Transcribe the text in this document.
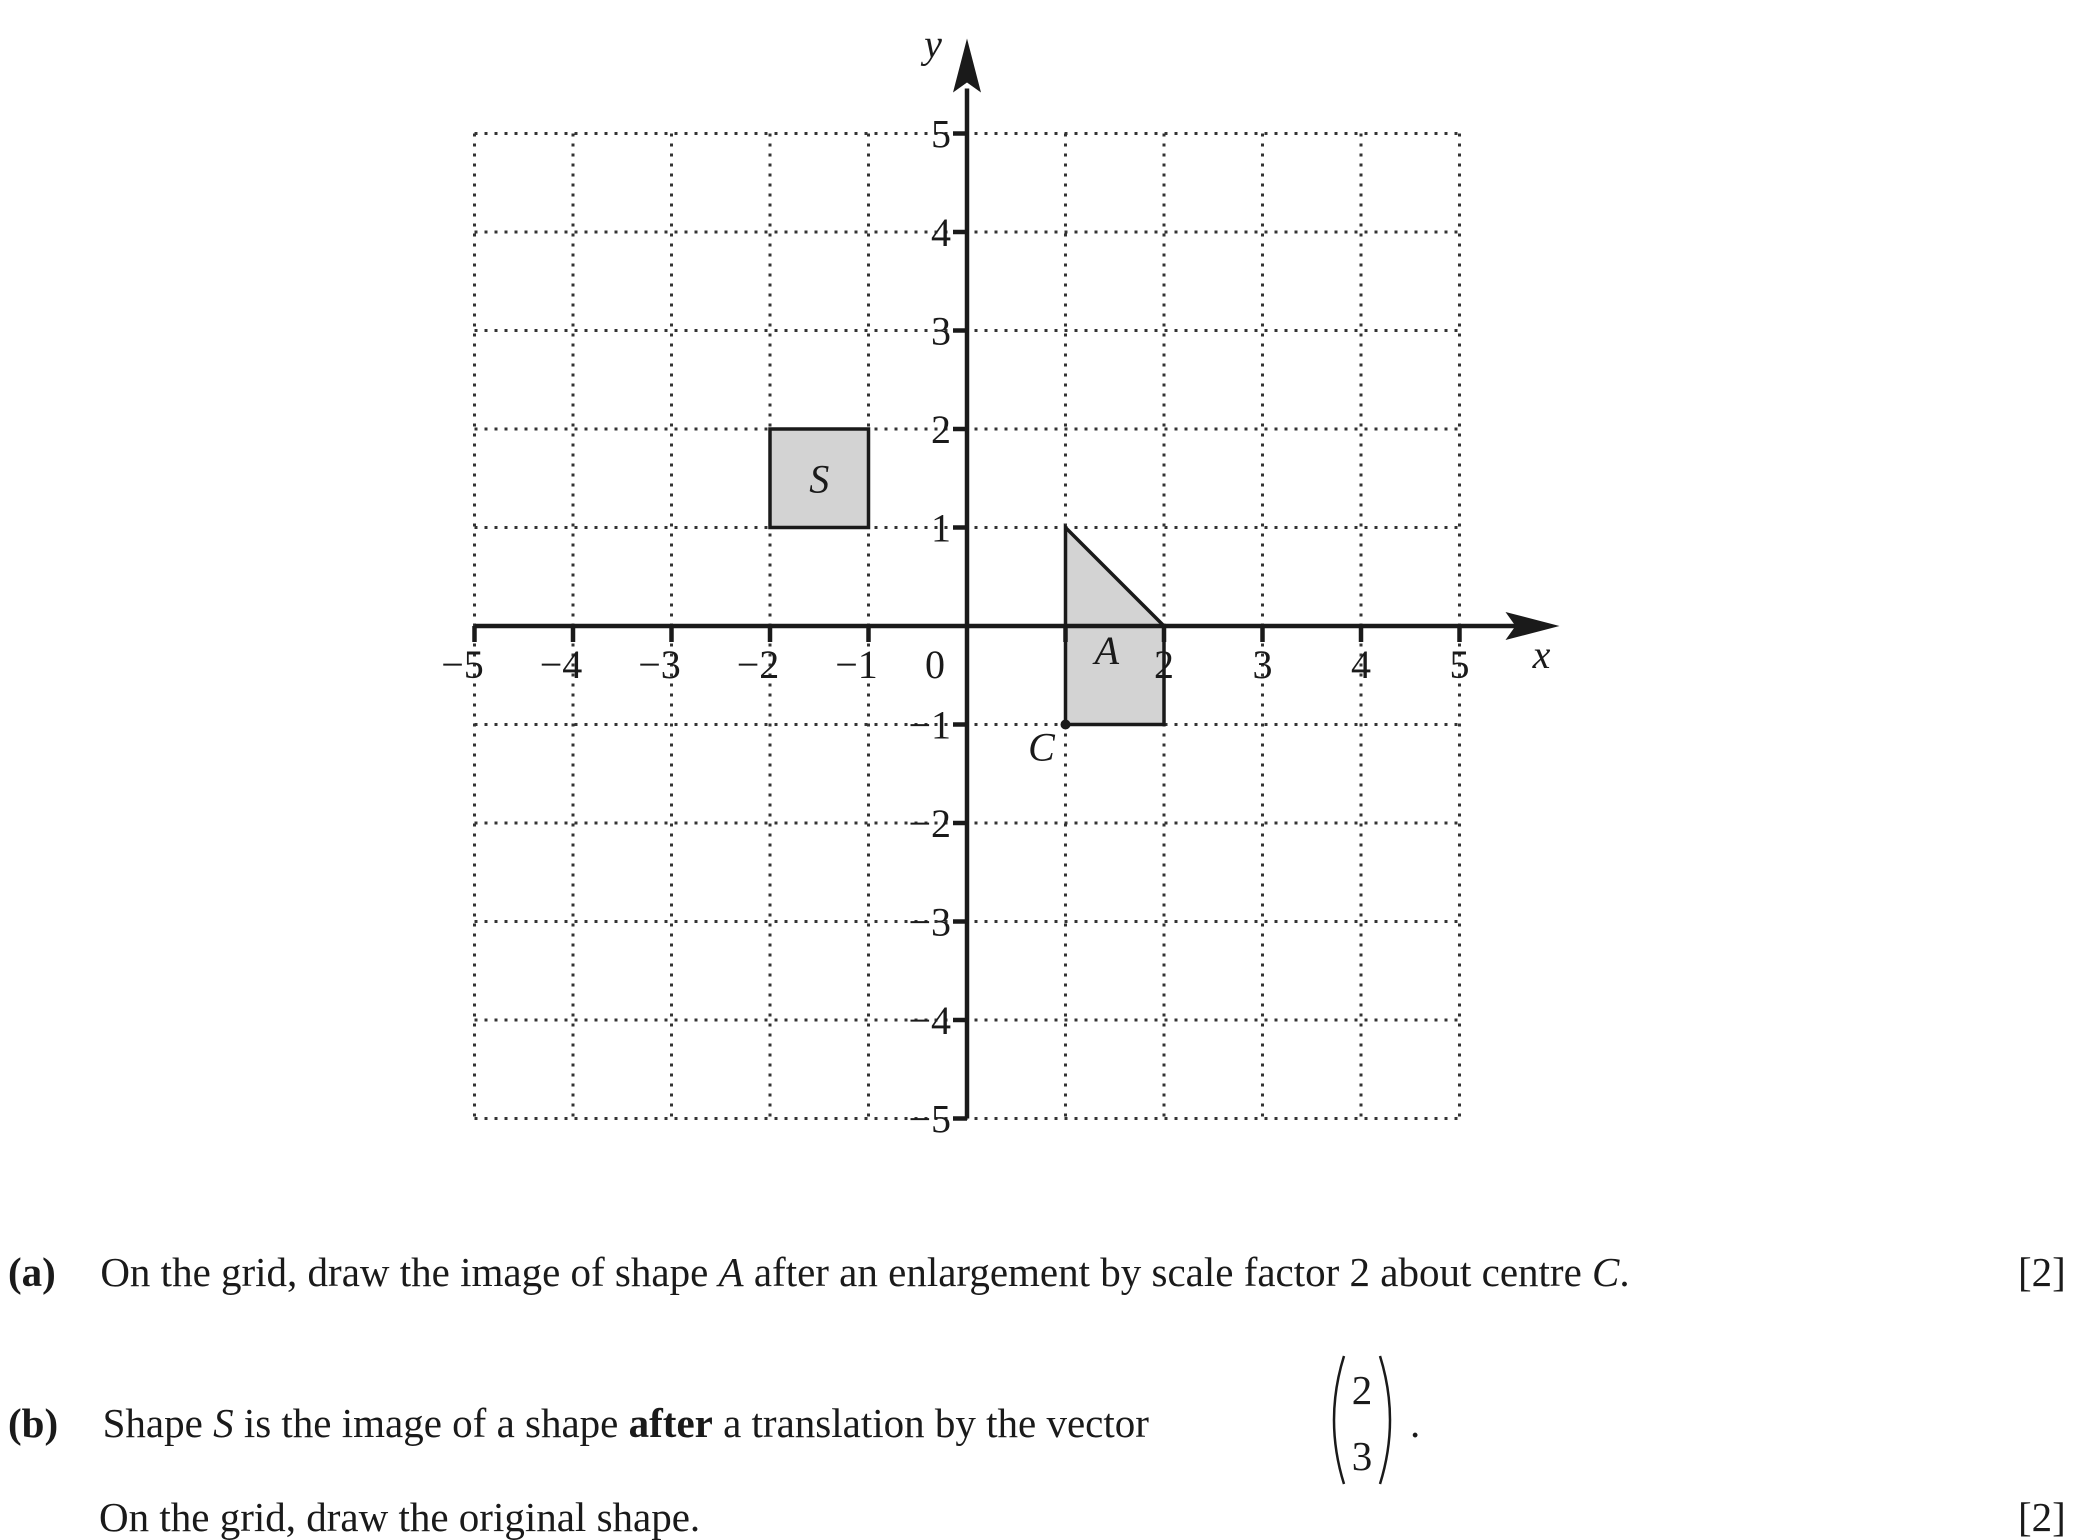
−5 −4 −3 −2 −1	2 3 4 5
5
4
3
2
1
−1
−2
−3
−4
−5
0	x
y
S
A
C
(a) On the grid, draw the image of shape A after an enlargement by scale factor 2 about centre C.	[2]
(b) Shape S is the image of a shape after a translation by the vector
2
3
.
On the grid, draw the original shape.	[2]
